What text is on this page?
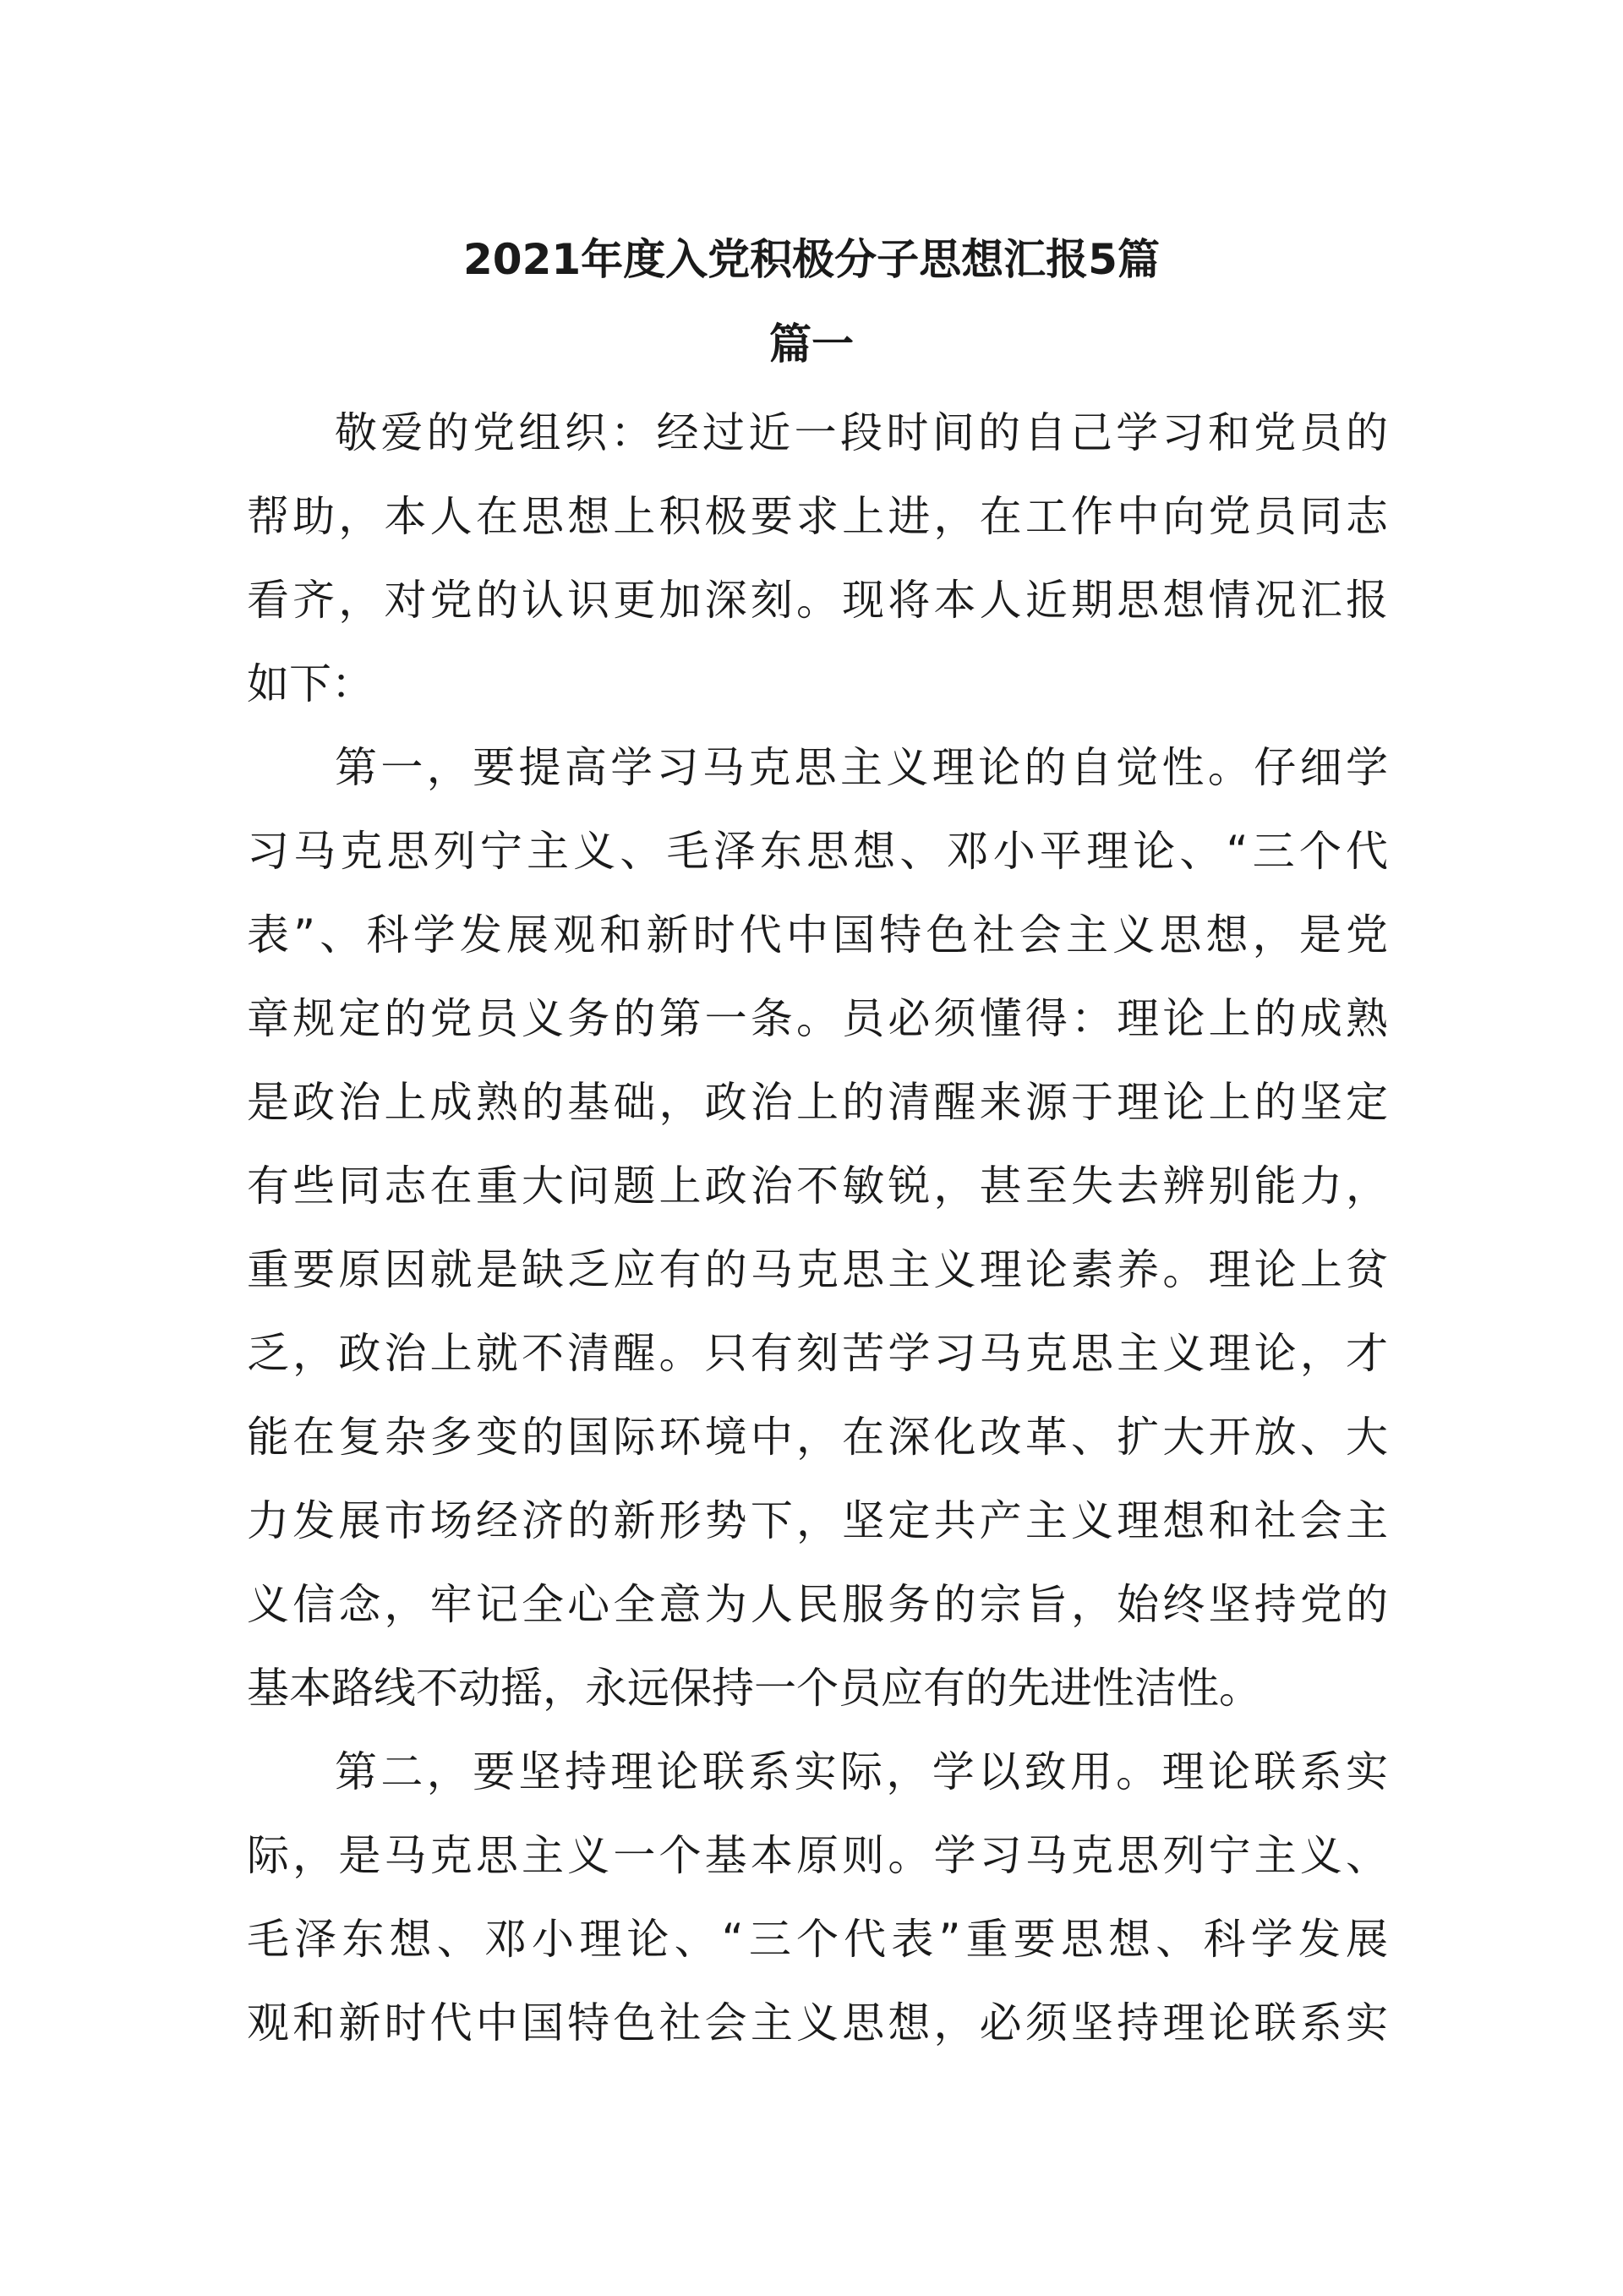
2021年度入党积极分子思想汇报5篇
篇一
敬爱的党组织：经过近一段时间的自己学习和党员的
帮助，本人在思想上积极要求上进，在工作中向党员同志
看齐，对党的认识更加深刻。现将本人近期思想情况汇报
如下：
第一，要提高学习马克思主义理论的自觉性。仔细学
习马克思列宁主义、毛泽东思想、邓小平理论、“三个代
表”、科学发展观和新时代中国特色社会主义思想，是党
章规定的党员义务的第一条。员必须懂得：理论上的成熟
是政治上成熟的基础，政治上的清醒来源于理论上的坚定
有些同志在重大问题上政治不敏锐，甚至失去辨别能力，
重要原因就是缺乏应有的马克思主义理论素养。理论上贫
乏，政治上就不清醒。只有刻苦学习马克思主义理论，才
能在复杂多变的国际环境中，在深化改革、扩大开放、大
力发展市场经济的新形势下，坚定共产主义理想和社会主
义信念，牢记全心全意为人民服务的宗旨，始终坚持党的
基本路线不动摇，永远保持一个员应有的先进性洁性。
第二，要坚持理论联系实际，学以致用。理论联系实
际，是马克思主义一个基本原则。学习马克思列宁主义、
毛泽东想、邓小理论、“三个代表”重要思想、科学发展
观和新时代中国特色社会主义思想，必须坚持理论联系实
